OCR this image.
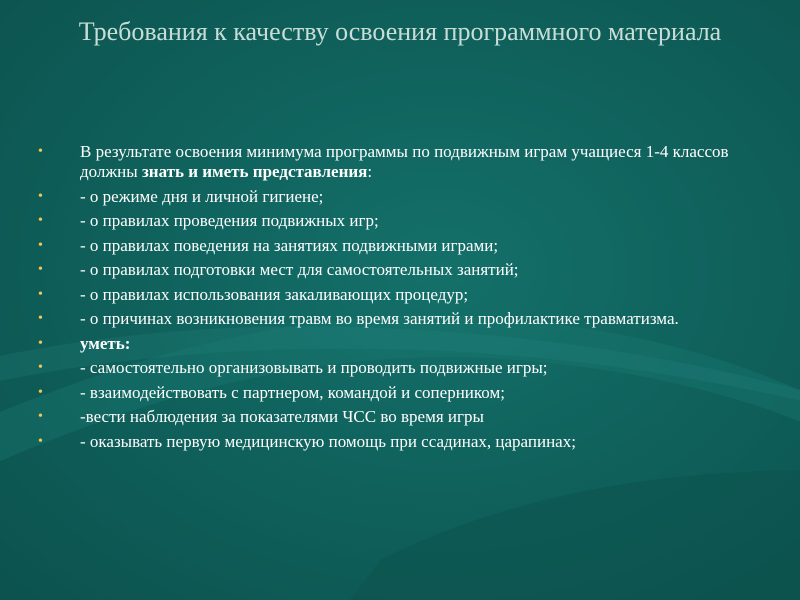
Требования к качеству освоения программного материала
• В результате освоения минимума программы по подвижным играм учащиеся 1-4 классов должны знать и иметь представления:
• - о режиме дня и личной гигиене;
• - о правилах проведения подвижных игр;
• - о правилах поведения на занятиях подвижными играми;
• - о правилах подготовки мест для самостоятельных занятий;
• - о правилах использования закаливающих процедур;
• - о причинах возникновения травм во время занятий и профилактике травматизма.
• уметь:
• - самостоятельно организовывать и проводить подвижные игры;
• - взаимодействовать с партнером, командой и соперником;
• -вести наблюдения за показателями ЧСС во время игры
• - оказывать первую медицинскую помощь при ссадинах, царапинах;
